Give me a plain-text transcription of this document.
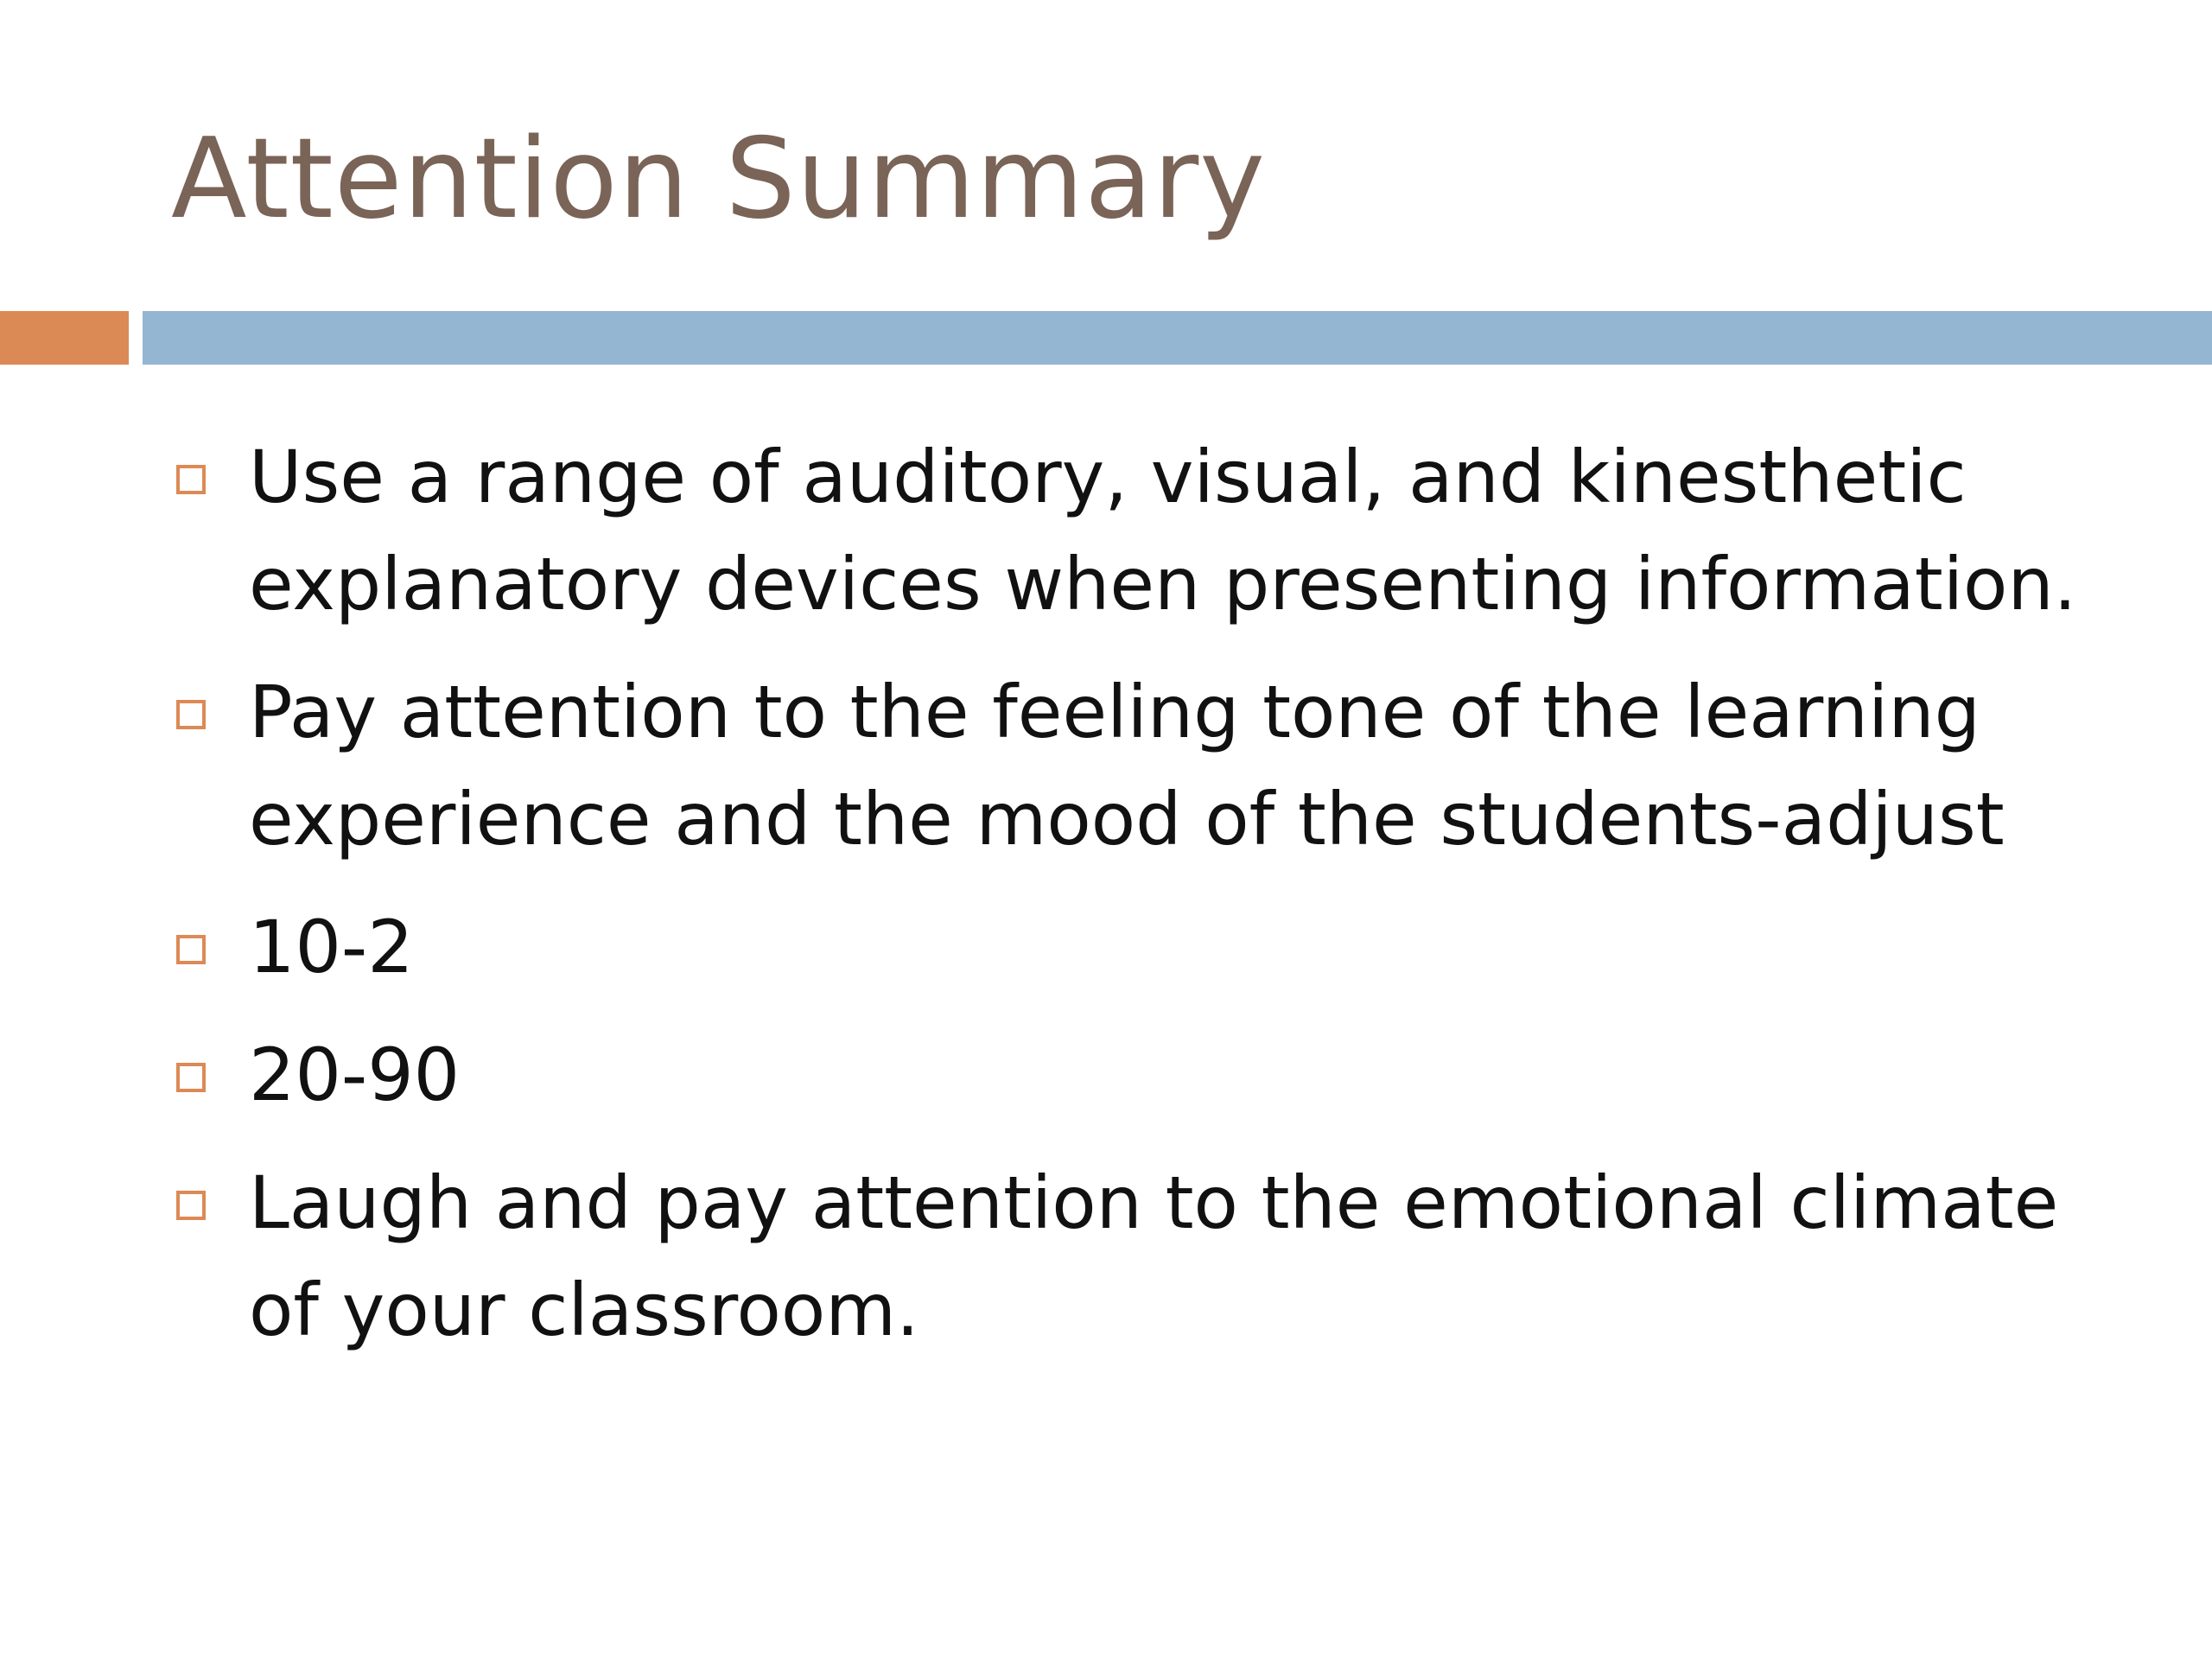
Attention Summary
Use a range of auditory, visual, and kinesthetic explanatory devices when presenting information.
Pay attention to the feeling tone of the learning experience and the mood of the students-adjust
10-2
20-90
Laugh and pay attention to the emotional climate of your classroom.
